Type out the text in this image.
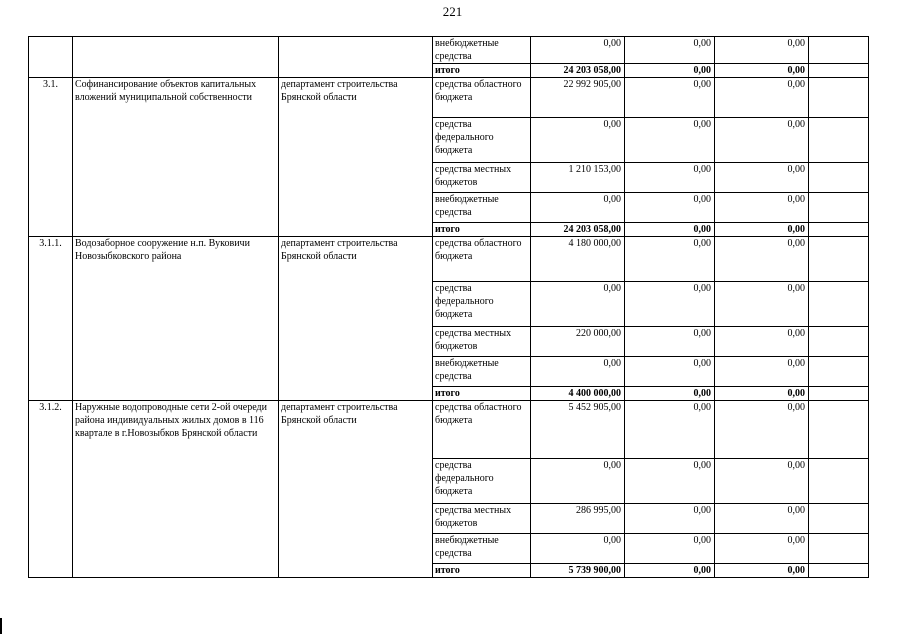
221
			внебюджетные средства	0,00	0,00	0,00	
			итого	24 203 058,00	0,00	0,00	
3.1.	Софинансирование объектов капитальных вложений муниципальной собственности	департамент строительства Брянской области	средства областного бюджета	22 992 905,00	0,00	0,00	
			средства федерального бюджета	0,00	0,00	0,00	
			средства местных бюджетов	1 210 153,00	0,00	0,00	
			внебюджетные средства	0,00	0,00	0,00	
			итого	24 203 058,00	0,00	0,00	
3.1.1.	Водозаборное сооружение н.п. Вуковичи Новозыбковского района	департамент строительства Брянской области	средства областного бюджета	4 180 000,00	0,00	0,00	
			средства федерального бюджета	0,00	0,00	0,00	
			средства местных бюджетов	220 000,00	0,00	0,00	
			внебюджетные средства	0,00	0,00	0,00	
			итого	4 400 000,00	0,00	0,00	
3.1.2.	Наружные водопроводные сети 2-ой очереди района индивидуальных жилых домов в 116 квартале в г.Новозыбков Брянской области	департамент строительства Брянской области	средства областного бюджета	5 452 905,00	0,00	0,00	
			средства федерального бюджета	0,00	0,00	0,00	
			средства местных бюджетов	286 995,00	0,00	0,00	
			внебюджетные средства	0,00	0,00	0,00	
			итого	5 739 900,00	0,00	0,00	
